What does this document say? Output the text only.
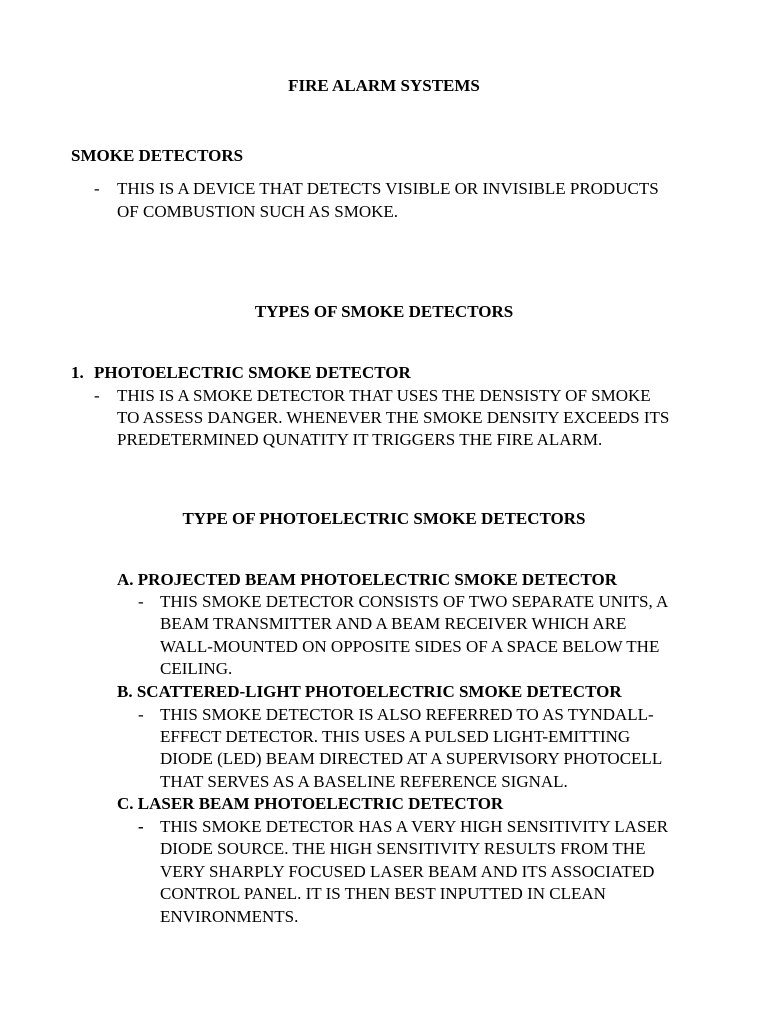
FIRE ALARM SYSTEMS
SMOKE DETECTORS
- THIS IS A DEVICE THAT DETECTS VISIBLE OR INVISIBLE PRODUCTS
OF COMBUSTION SUCH AS SMOKE.
TYPES OF SMOKE DETECTORS
1. PHOTOELECTRIC SMOKE DETECTOR
- THIS IS A SMOKE DETECTOR THAT USES THE DENSISTY OF SMOKE
TO ASSESS DANGER. WHENEVER THE SMOKE DENSITY EXCEEDS ITS
PREDETERMINED QUNATITY IT TRIGGERS THE FIRE ALARM.
TYPE OF PHOTOELECTRIC SMOKE DETECTORS
A. PROJECTED BEAM PHOTOELECTRIC SMOKE DETECTOR
- THIS SMOKE DETECTOR CONSISTS OF TWO SEPARATE UNITS, A
BEAM TRANSMITTER AND A BEAM RECEIVER WHICH ARE
WALL-MOUNTED ON OPPOSITE SIDES OF A SPACE BELOW THE
CEILING.
B. SCATTERED-LIGHT PHOTOELECTRIC SMOKE DETECTOR
- THIS SMOKE DETECTOR IS ALSO REFERRED TO AS TYNDALL-
EFFECT DETECTOR. THIS USES A PULSED LIGHT-EMITTING
DIODE (LED) BEAM DIRECTED AT A SUPERVISORY PHOTOCELL
THAT SERVES AS A BASELINE REFERENCE SIGNAL.
C. LASER BEAM PHOTOELECTRIC DETECTOR
- THIS SMOKE DETECTOR HAS A VERY HIGH SENSITIVITY LASER
DIODE SOURCE. THE HIGH SENSITIVITY RESULTS FROM THE
VERY SHARPLY FOCUSED LASER BEAM AND ITS ASSOCIATED
CONTROL PANEL. IT IS THEN BEST INPUTTED IN CLEAN
ENVIRONMENTS.
